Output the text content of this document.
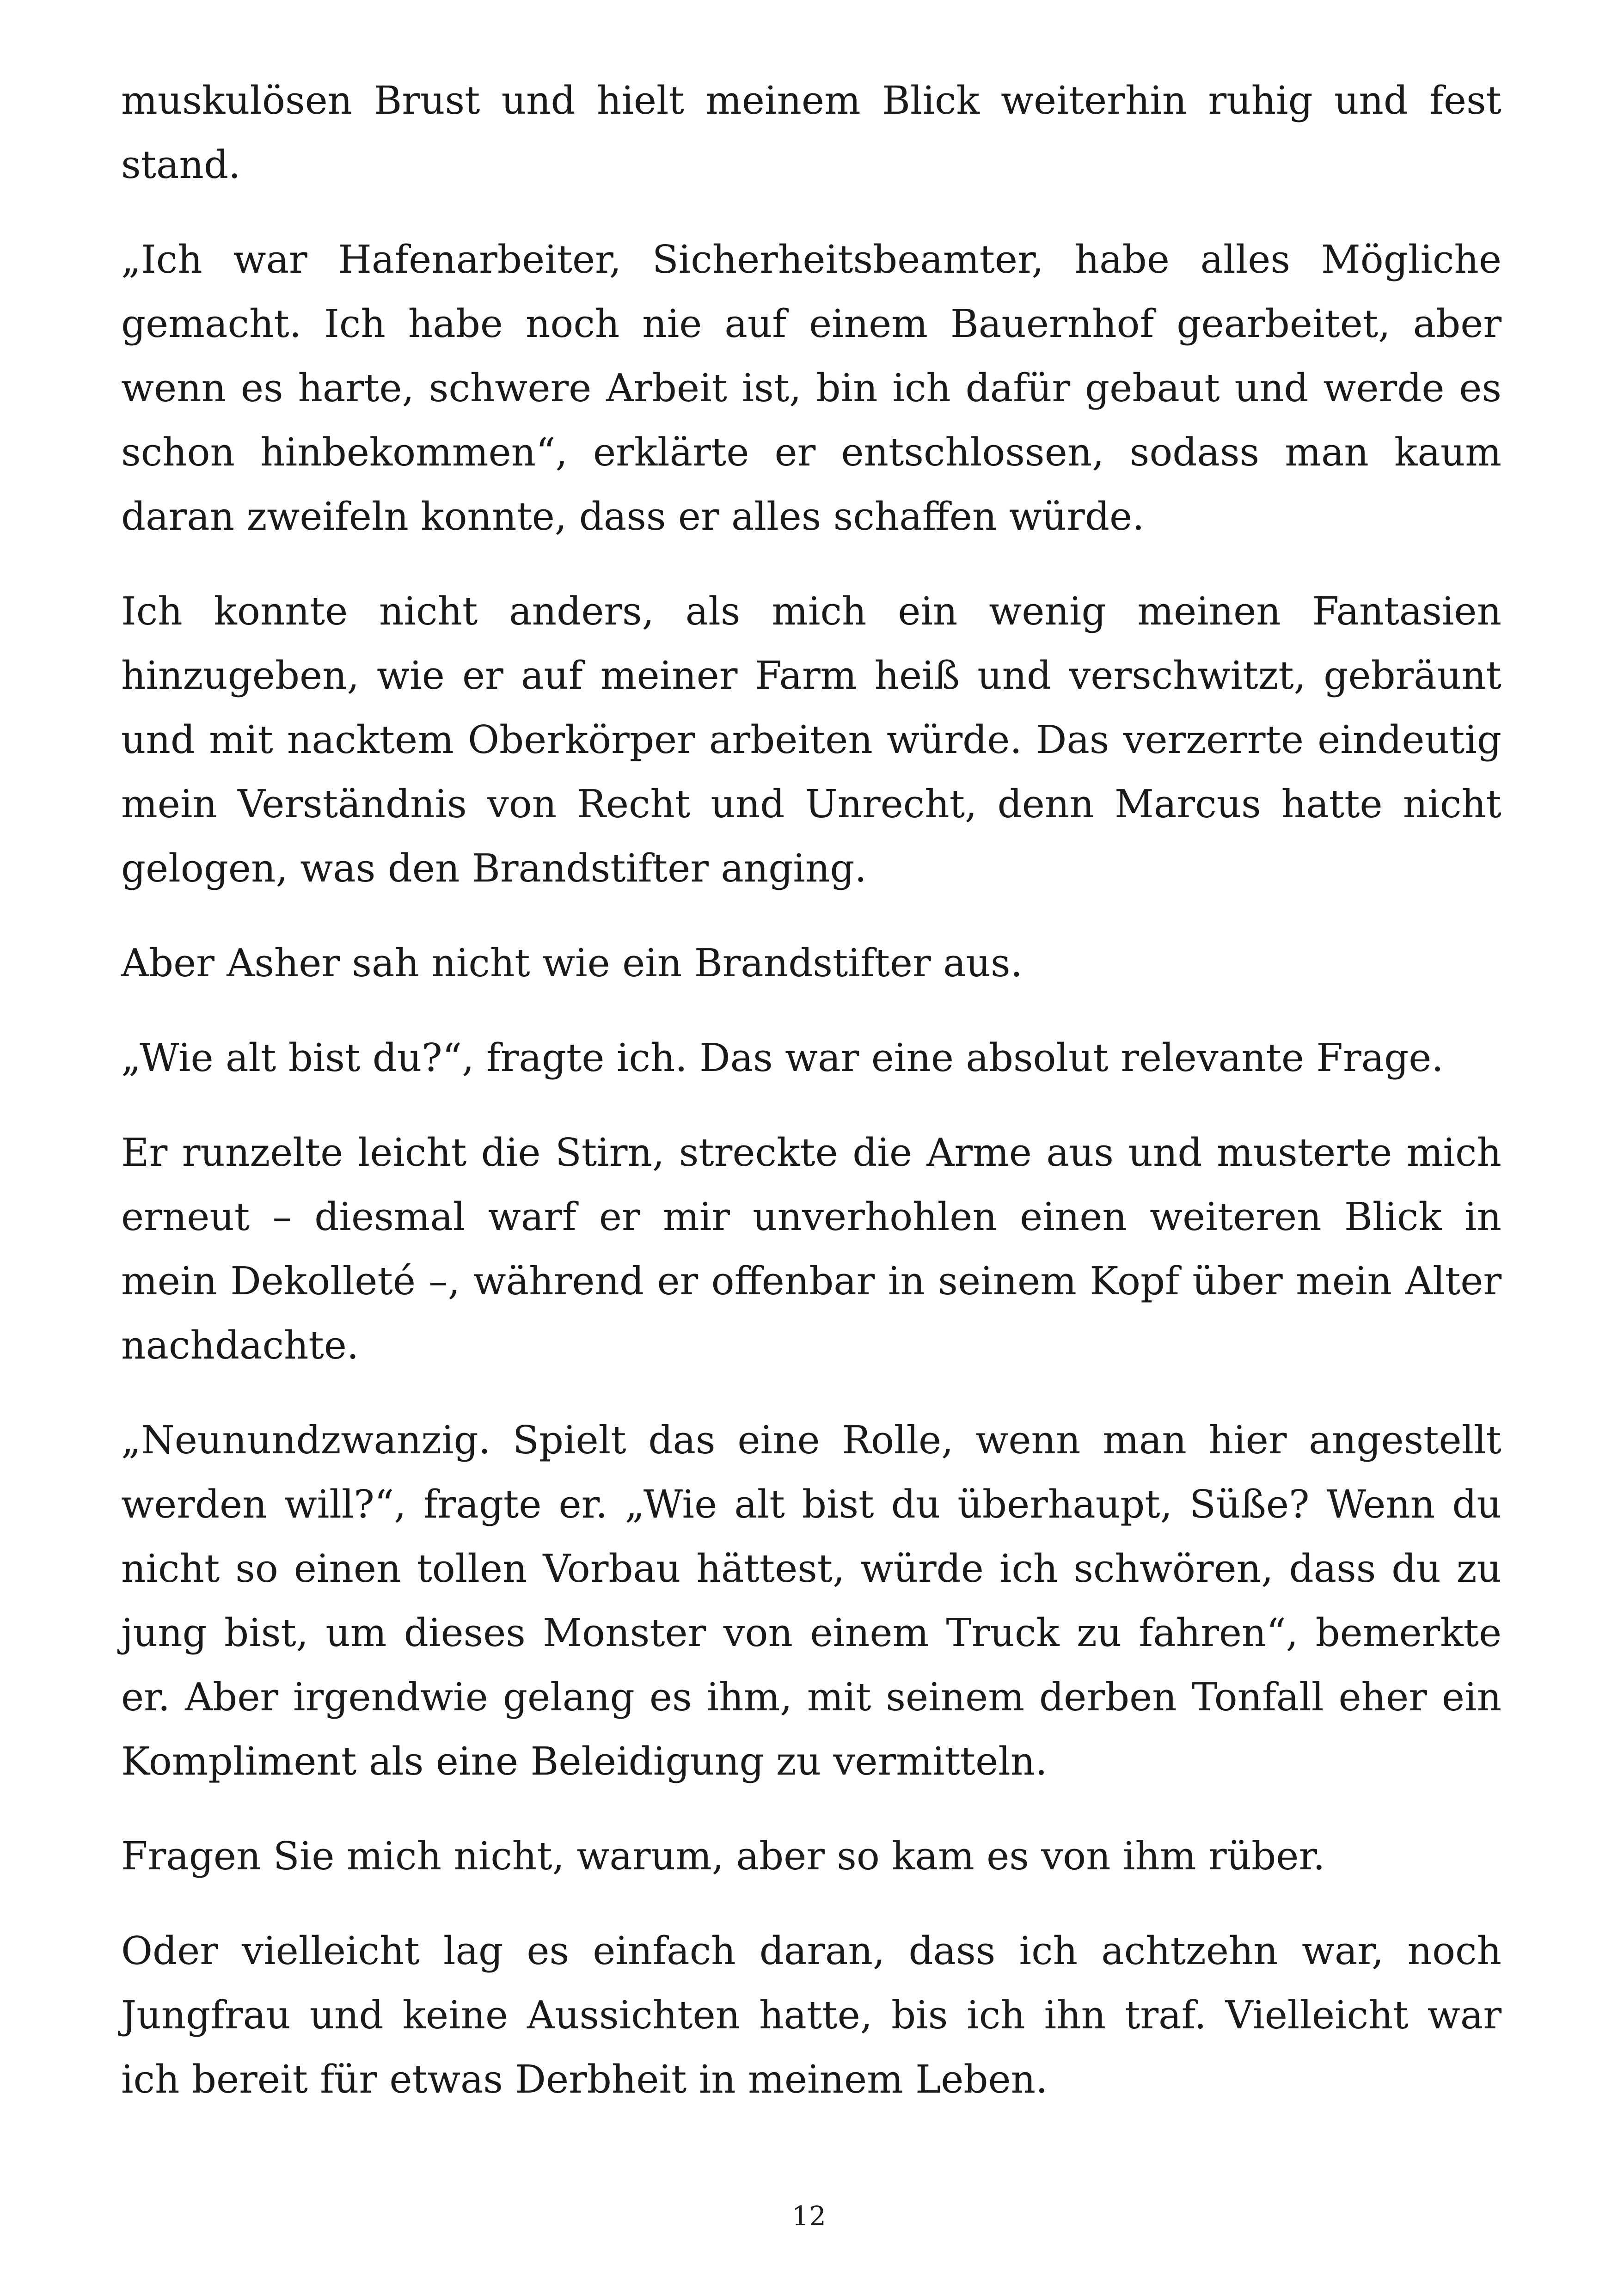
muskulösen Brust und hielt meinem Blick weiterhin ruhig und fest stand.

„Ich war Hafenarbeiter, Sicherheitsbeamter, habe alles Mögliche gemacht. Ich habe noch nie auf einem Bauernhof gearbeitet, aber wenn es harte, schwere Arbeit ist, bin ich dafür gebaut und werde es schon hinbekommen“, erklärte er entschlossen, sodass man kaum daran zweifeln konnte, dass er alles schaffen würde.

Ich konnte nicht anders, als mich ein wenig meinen Fantasien hinzugeben, wie er auf meiner Farm heiß und verschwitzt, gebräunt und mit nacktem Oberkörper arbeiten würde. Das verzerrte eindeutig mein Verständnis von Recht und Unrecht, denn Marcus hatte nicht gelogen, was den Brandstifter anging.

Aber Asher sah nicht wie ein Brandstifter aus.

„Wie alt bist du?“, fragte ich. Das war eine absolut relevante Frage.

Er runzelte leicht die Stirn, streckte die Arme aus und musterte mich erneut – diesmal warf er mir unverhohlen einen weiteren Blick in mein Dekolleté –, während er offenbar in seinem Kopf über mein Alter nachdachte.

„Neunundzwanzig. Spielt das eine Rolle, wenn man hier angestellt werden will?“, fragte er. „Wie alt bist du überhaupt, Süße? Wenn du nicht so einen tollen Vorbau hättest, würde ich schwören, dass du zu jung bist, um dieses Monster von einem Truck zu fahren“, bemerkte er. Aber irgendwie gelang es ihm, mit seinem derben Tonfall eher ein Kompliment als eine Beleidigung zu vermitteln.

Fragen Sie mich nicht, warum, aber so kam es von ihm rüber.

Oder vielleicht lag es einfach daran, dass ich achtzehn war, noch Jungfrau und keine Aussichten hatte, bis ich ihn traf. Vielleicht war ich bereit für etwas Derbheit in meinem Leben.

12
